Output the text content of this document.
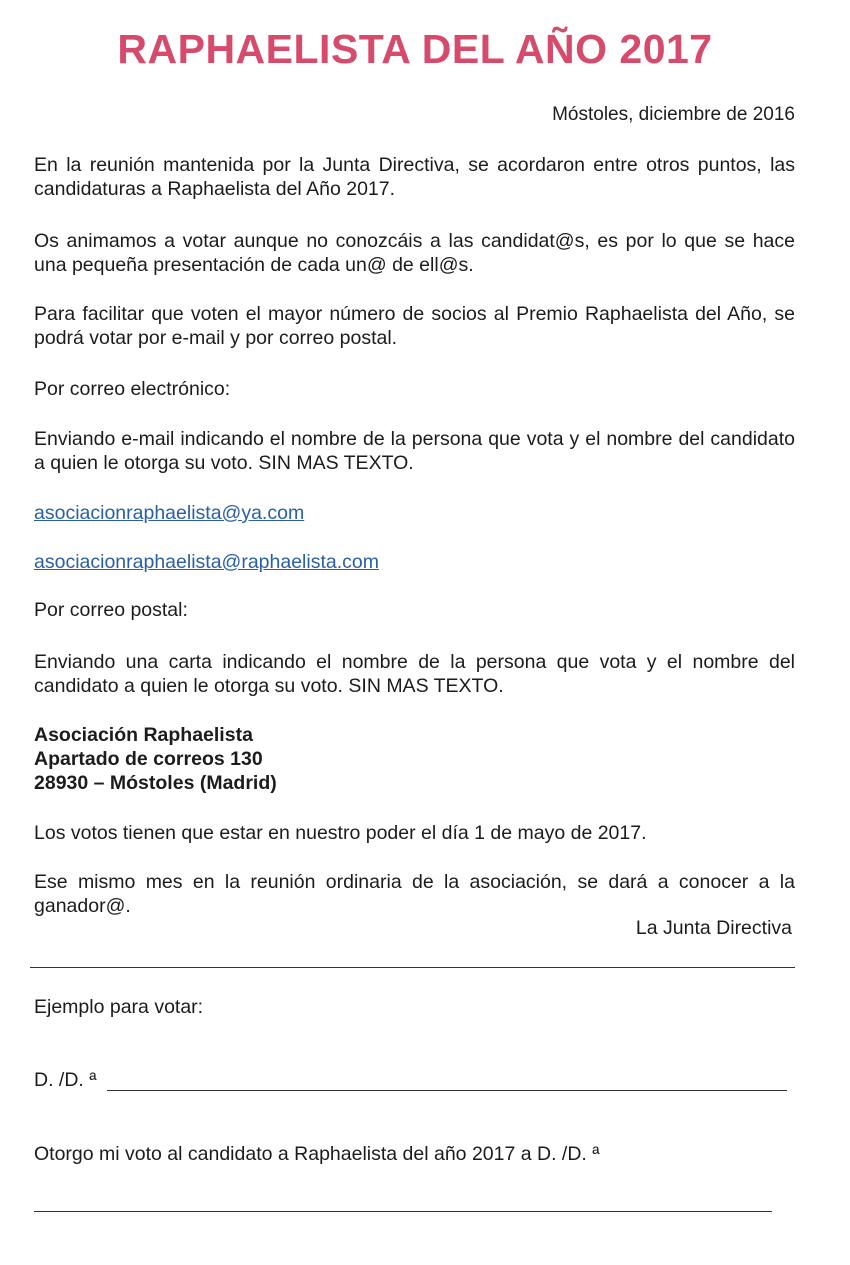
RAPHAELISTA DEL AÑO 2017
Móstoles, diciembre de 2016
En la reunión mantenida por la Junta Directiva, se acordaron entre otros puntos, las candidaturas a Raphaelista del Año 2017.
Os animamos a votar aunque no conozcáis a las candidat@s, es por lo que se hace una pequeña presentación de cada un@ de ell@s.
Para facilitar que voten el mayor número de socios al Premio Raphaelista del Año, se podrá votar por e-mail y por correo postal.
Por correo electrónico:
Enviando e-mail indicando el nombre de la persona que vota y el nombre del candidato a quien le otorga su voto. SIN MAS TEXTO.
asociacionraphaelista@ya.com
asociacionraphaelista@raphaelista.com
Por correo postal:
Enviando una carta indicando el nombre de la persona que vota y el nombre del candidato a quien le otorga su voto. SIN MAS TEXTO.
Asociación Raphaelista
Apartado de correos 130
28930 – Móstoles (Madrid)
Los votos tienen que estar en nuestro poder el día 1 de mayo de 2017.
Ese mismo mes en la reunión ordinaria de la asociación, se dará a conocer a la ganador@.
La Junta Directiva
Ejemplo para votar:
D. /D. ª
Otorgo mi voto al candidato a Raphaelista del año 2017 a D. /D. ª
